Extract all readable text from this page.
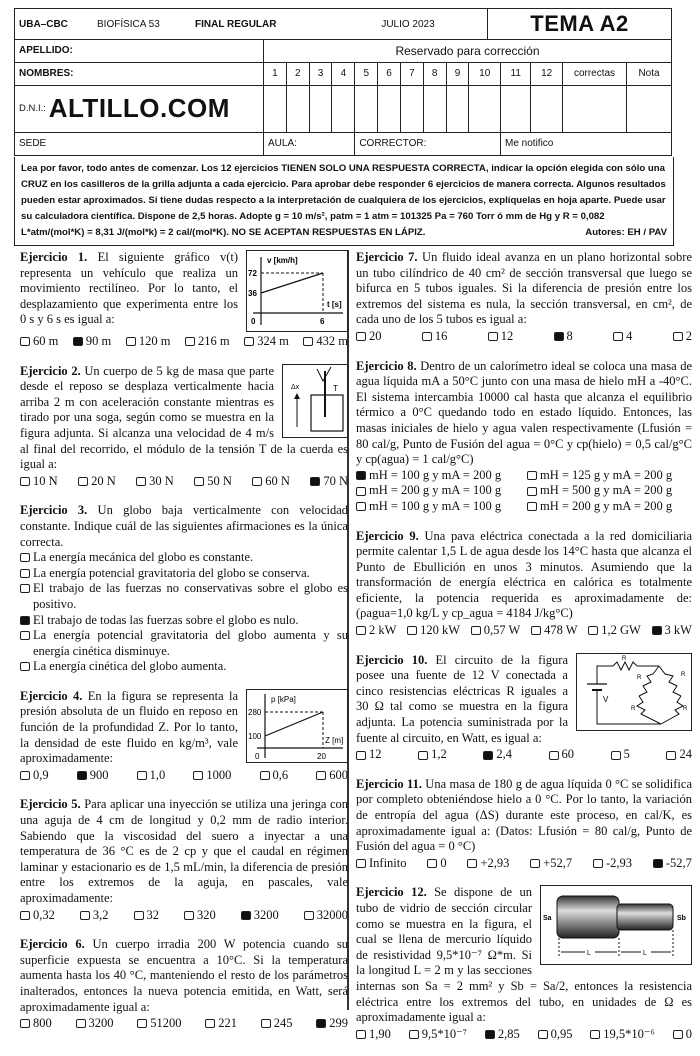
UBA–CBC	BIOFÍSICA 53	FINAL REGULAR	JULIO 2023	TEMA A2
APELLIDO:	Reservado para corrección													
NOMBRES:	1	2	3	4	5	6	7	8	9	10	11	12	correctas	Nota
D.N.I.: ALTILLO.COM														
SEDE	AULA:				CORRECTOR:						Me notifico			
Lea por favor, todo antes de comenzar. Los 12 ejercicios TIENEN SOLO UNA RESPUESTA CORRECTA, indicar la opción elegida con sólo una CRUZ en los casilleros de la grilla adjunta a cada ejercicio. Para aprobar debe responder 6 ejercicios de manera correcta. Algunos resultados pueden estar aproximados. Si tiene dudas respecto a la interpretación de cualquiera de los ejercicios, explíquelas en hoja aparte. Puede usar su calculadora científica. Dispone de 2,5 horas. Adopte g = 10 m/s², patm = 1 atm = 101325 Pa = 760 Torr ó mm de Hg y R = 0,082 L*atm/(mol*K) = 8,31 J/(mol*k) = 2 cal/(mol*K). NO SE ACEPTAN RESPUESTAS EN LÁPIZ.	Autores: EH / PAV
v [km/h]
72
36
t [s]
0	6
Ejercicio 1. El siguiente gráfico v(t) representa un vehículo que realiza un movimiento rectilíneo. Por lo tanto, el desplazamiento que experimenta entre los 0 s y 6 s es igual a:
60 m 90 m 120 m 216 m 324 m 432 m
Δx	T
Ejercicio 2. Un cuerpo de 5 kg de masa que parte desde el reposo se desplaza verticalmente hacia arriba 2 m con aceleración constante mientras es tirado por una soga, según como se muestra en la figura adjunta. Si alcanza una velocidad de 4 m/s al final del recorrido, el módulo de la tensión T de la cuerda es igual a:
10 N	20 N	30 N	50 N	60 N	70 N
Ejercicio 3. Un globo baja verticalmente con velocidad constante. Indique cuál de las siguientes afirmaciones es la única correcta.
La energía mecánica del globo es constante.
La energía potencial gravitatoria del globo se conserva.
El trabajo de las fuerzas no conservativas sobre el globo es positivo.
El trabajo de todas las fuerzas sobre el globo es nulo.
La energía potencial gravitatoria del globo aumenta y su energía cinética disminuye.
La energía cinética del globo aumenta.
p [kPa]
280
100	Z [m]
0	20
Ejercicio 4. En la figura se representa la presión absoluta de un fluido en reposo en función de la profundidad Z. Por lo tanto, la densidad de este fluido en kg/m³, vale aproximadamente:
0,9	900	1,0	1000	0,6	600
Ejercicio 5. Para aplicar una inyección se utiliza una jeringa con una aguja de 4 cm de longitud y 0,2 mm de radio interior. Sabiendo que la viscosidad del suero a inyectar a una temperatura de 36 °C es de 2 cp y que el caudal en régimen laminar y estacionario es de 1,5 mL/min, la diferencia de presión entre los extremos de la aguja, en pascales, vale aproximadamente:
0,32	3,2	32	320	3200	32000
Ejercicio 6. Un cuerpo irradia 200 W potencia cuando su superficie expuesta se encuentra a 10°C. Si la temperatura aumenta hasta los 40 °C, manteniendo el resto de los parámetros inalterados, entonces la nueva potencia emitida, en Watt, será aproximadamente igual a:
800	3200	51200	221	245	299
Ejercicio 7. Un fluido ideal avanza en un plano horizontal sobre un tubo cilíndrico de 40 cm² de sección transversal que luego se bifurca en 5 tubos iguales. Si la diferencia de presión entre los extremos del sistema es nula, la sección transversal, en cm², de cada uno de los 5 tubos es igual a:
20	16	12	8	4	2
Ejercicio 8. Dentro de un calorímetro ideal se coloca una masa de agua líquida mA a 50°C junto con una masa de hielo mH a -40°C. El sistema intercambia 10000 cal hasta que alcanza el equilibrio térmico a 0°C quedando todo en estado líquido. Entonces, las masas iniciales de hielo y agua valen respectivamente (Lfusión = 80 cal/g, Punto de Fusión del agua = 0°C y cp(hielo) = 0,5 cal/g°C y cp(agua) = 1 cal/g°C)
mH = 100 g y mA = 200 g	mH = 125 g y mA = 200 g
mH = 200 g y mA = 100 g	mH = 500 g y mA = 200 g
mH = 100 g y mA = 100 g	mH = 200 g y mA = 200 g
Ejercicio 9. Una pava eléctrica conectada a la red domiciliaria permite calentar 1,5 L de agua desde los 14°C hasta que alcanza el Punto de Ebullición en unos 3 minutos. Asumiendo que la transformación de energía eléctrica en calórica es totalmente eficiente, la potencia requerida es aproximadamente de: (ρagua=1,0 kg/L y cp_agua = 4184 J/kg°C)
2 kW 120 kW 0,57 W 478 W 1,2 GW 3 kW
V
R
R	R
R	R
Ejercicio 10. El circuito de la figura posee una fuente de 12 V conectada a cinco resistencias eléctricas R iguales a 30 Ω tal como se muestra en la figura adjunta. La potencia suministrada por la fuente al circuito, en Watt, es igual a:
12	1,2	2,4	60	5	24
Ejercicio 11. Una masa de 180 g de agua líquida 0 °C se solidifica por completo obteniéndose hielo a 0 °C. Por lo tanto, la variación de entropía del agua (ΔS) durante este proceso, en cal/K, es aproximadamente igual a: (Datos: Lfusión = 80 cal/g, Punto de Fusión del agua = 0 °C)
Infinito	0	+2,93	+52,7	-2,93	-52,7
L	L
Sa	Sb
Ejercicio 12. Se dispone de un tubo de vidrio de sección circular como se muestra en la figura, el cual se llena de mercurio líquido de resistividad 9,5*10⁻⁷ Ω*m. Si la longitud L = 2 m y las secciones internas son Sa = 2 mm² y Sb = Sa/2, entonces la resistencia eléctrica entre los extremos del tubo, en unidades de Ω es aproximadamente igual a:
1,90 9,5*10⁻⁷ 2,85 0,95 19,5*10⁻⁶ 0
